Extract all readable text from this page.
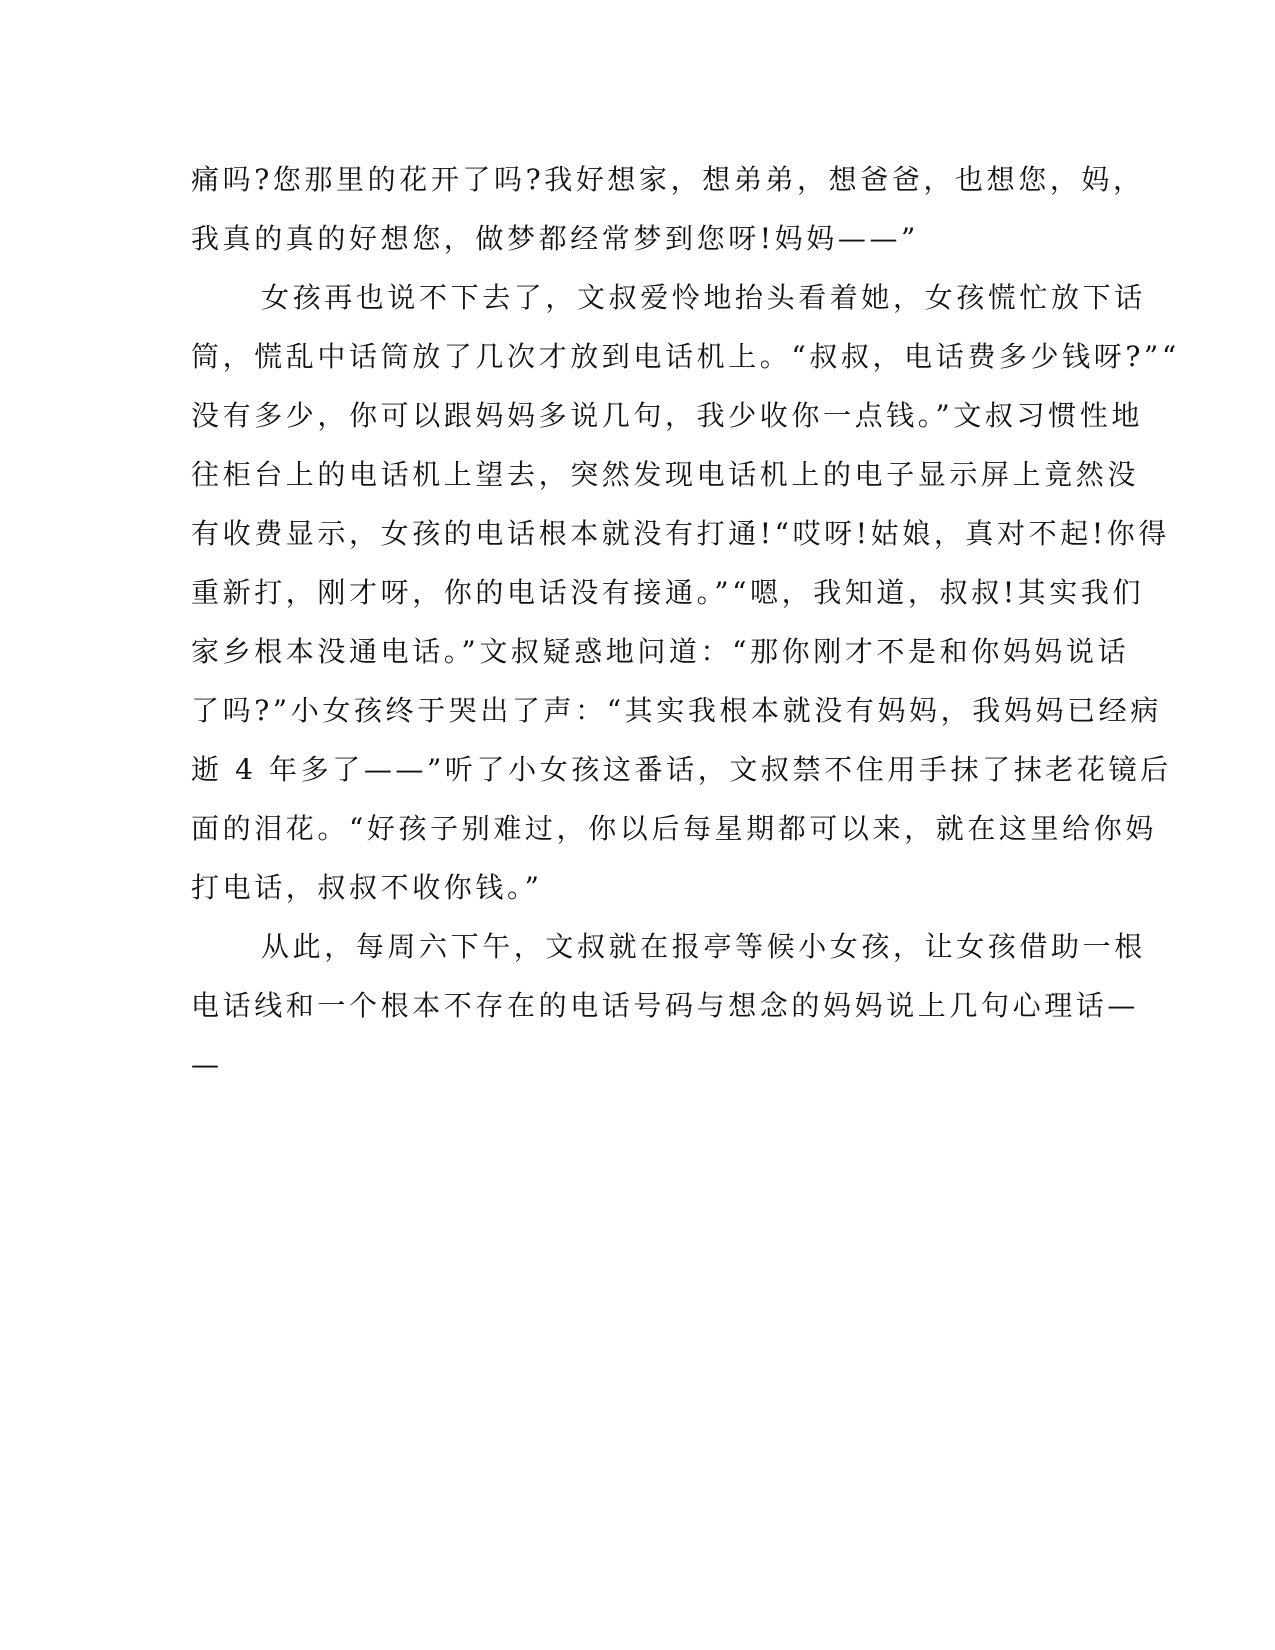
痛吗?您那里的花开了吗?我好想家，想弟弟，想爸爸，也想您，妈，
我真的真的好想您，做梦都经常梦到您呀!妈妈——”
女孩再也说不下去了，文叔爱怜地抬头看着她，女孩慌忙放下话
筒，慌乱中话筒放了几次才放到电话机上。“叔叔，电话费多少钱呀?”“
没有多少，你可以跟妈妈多说几句，我少收你一点钱。”文叔习惯性地
往柜台上的电话机上望去，突然发现电话机上的电子显示屏上竟然没
有收费显示，女孩的电话根本就没有打通!“哎呀!姑娘，真对不起!你得
重新打，刚才呀，你的电话没有接通。”“嗯，我知道，叔叔!其实我们
家乡根本没通电话。”文叔疑惑地问道：“那你刚才不是和你妈妈说话
了吗?”小女孩终于哭出了声：“其实我根本就没有妈妈，我妈妈已经病
逝 4 年多了——”听了小女孩这番话，文叔禁不住用手抹了抹老花镜后
面的泪花。“好孩子别难过，你以后每星期都可以来，就在这里给你妈
打电话，叔叔不收你钱。”
从此，每周六下午，文叔就在报亭等候小女孩，让女孩借助一根
电话线和一个根本不存在的电话号码与想念的妈妈说上几句心理话—
—
